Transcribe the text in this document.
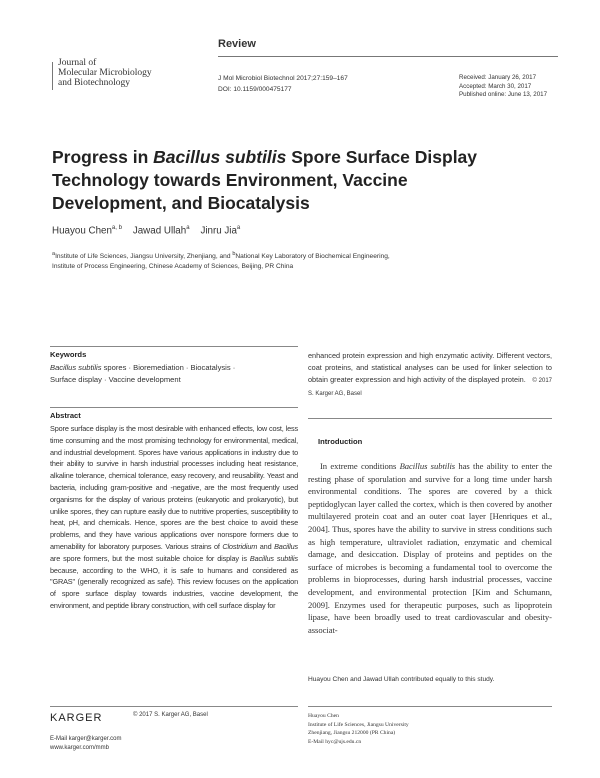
Review
Journal of
Molecular Microbiology
and Biotechnology	J Mol Microbiol Biotechnol 2017;27:159–167
DOI: 10.1159/000475177
Received: January 26, 2017
Accepted: March 30, 2017
Published online: June 13, 2017
Progress in Bacillus subtilis Spore Surface Display Technology towards Environment, Vaccine Development, and Biocatalysis
Huayou Chen$^{a, b}$ Jawad Ullah$^a$ Jinru Jia$^a$
$^a$Institute of Life Sciences, Jiangsu University, Zhenjiang, and $^b$National Key Laboratory of Biochemical Engineering,
Institute of Process Engineering, Chinese Academy of Sciences, Beijing, PR China
Keywords
Bacillus subtilis spores · Bioremediation · Biocatalysis ·
Surface display · Vaccine development
Abstract
Spore surface display is the most desirable with enhanced effects, low cost, less time consuming and the most promising technology for environmental, medical, and industrial development. Spores have various applications in industry due to their ability to survive in harsh industrial processes including heat resistance, alkaline tolerance, chemical tolerance, easy recovery, and reusability. Yeast and bacteria, including gram-positive and -negative, are the most frequently used organisms for the display of various proteins (eukaryotic and prokaryotic), but unlike spores, they can rupture easily due to nutritive properties, susceptibility to heat, pH, and chemicals. Hence, spores are the best choice to avoid these problems, and they have various applications over nonspore formers due to amenability for laboratory purposes. Various strains of Clostridium and Bacillus are spore formers, but the most suitable choice for display is Bacillus subtilis because, according to the WHO, it is safe to humans and considered as "GRAS" (generally recognized as safe). This review focuses on the application of spore surface display towards industries, vaccine development, the environment, and peptide library construction, with cell surface display for
enhanced protein expression and high enzymatic activity. Different vectors, coat proteins, and statistical analyses can be used for linker selection to obtain greater expression and high activity of the displayed protein. © 2017 S. Karger AG, Basel
Introduction
In extreme conditions Bacillus subtilis has the ability to enter the resting phase of sporulation and survive for a long time under harsh environmental conditions. The spores are covered by a thick peptidoglycan layer called the cortex, which is then covered by another multilayered protein coat and an outer coat layer [Henriques et al., 2004]. Thus, spores have the ability to survive in stress conditions such as high temperature, ultraviolet radiation, enzymatic and chemical damage, and desiccation. Display of proteins and peptides on the surface of microbes is becoming a fundamental tool to overcome the problems in bioprocesses, during harsh industrial processes, vaccine development, and environmental protection [Kim and Schumann, 2009]. Enzymes used for therapeutic purposes, such as lipoprotein lipase, have been broadly used to treat cardiovascular and obesity-associat-
Huayou Chen and Jawad Ullah contributed equally to this study.
KARGER	© 2017 S. Karger AG, Basel
E-Mail karger@karger.com
www.karger.com/mmb
Huayou Chen
Institute of Life Sciences, Jiangsu University
Zhenjiang, Jiangsu 212000 (PR China)
E-Mail hyc@ujs.edu.cn
